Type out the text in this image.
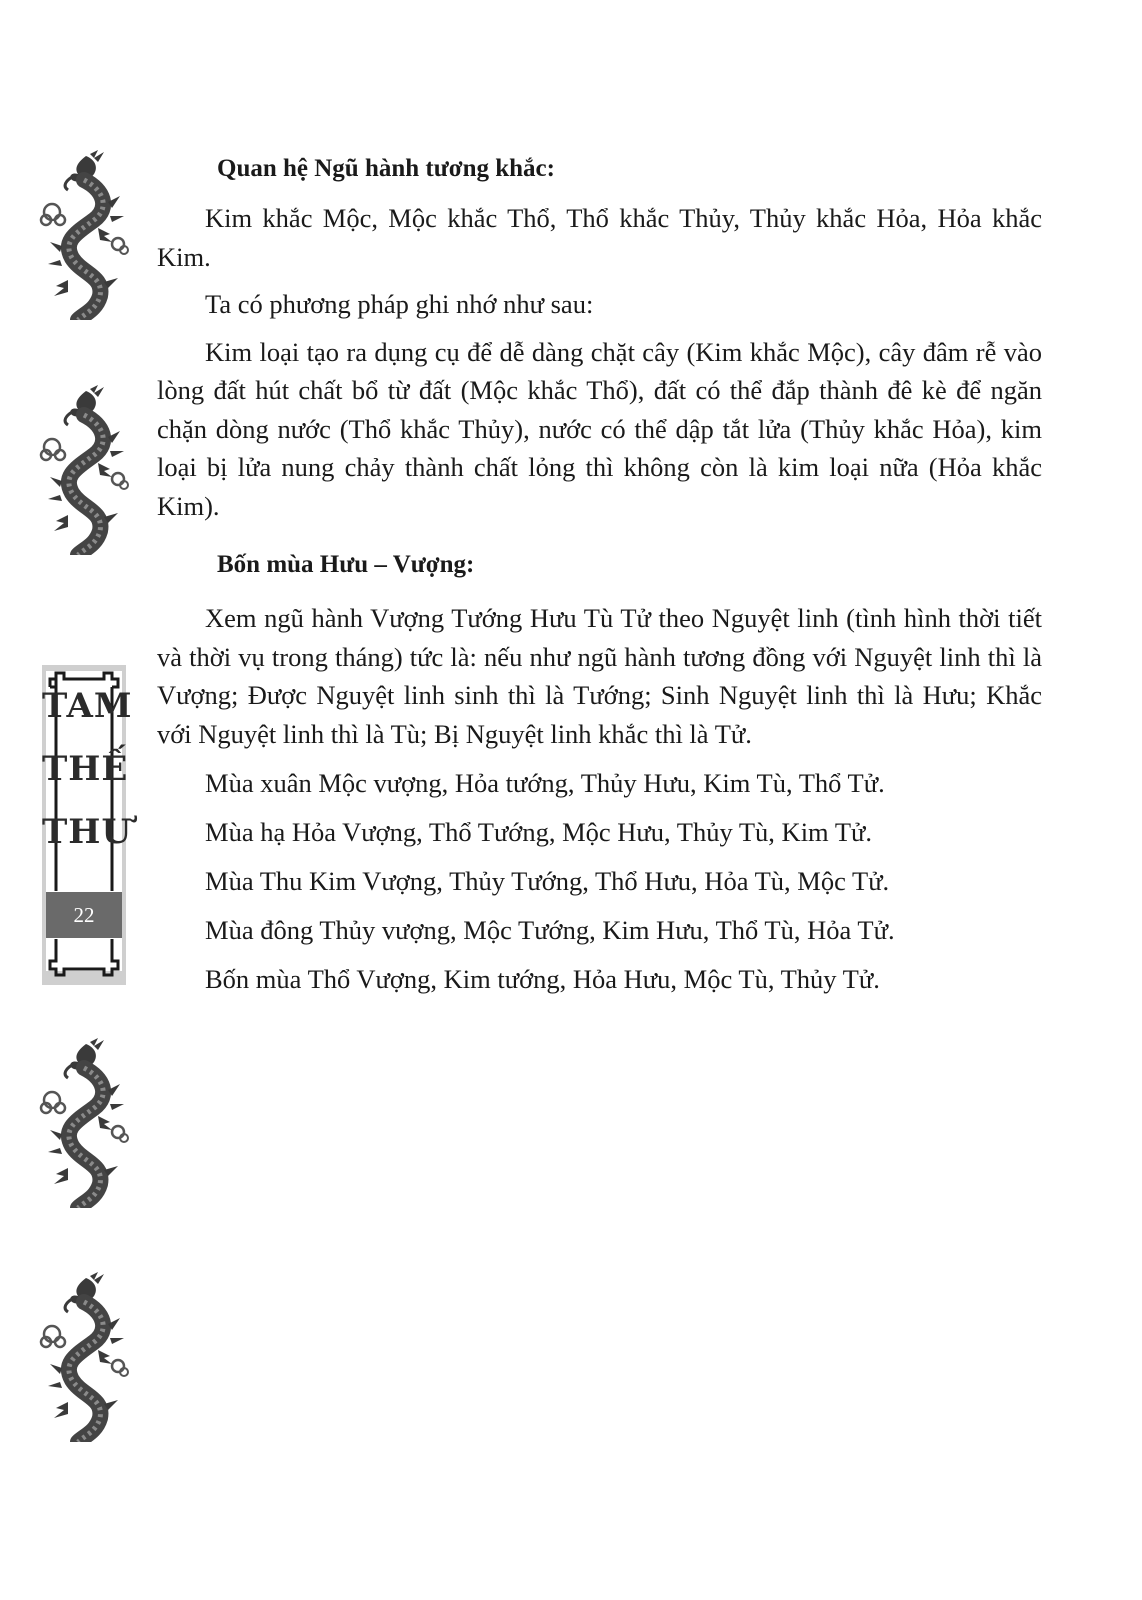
TAM
THẾ
THƯ
22
Quan hệ Ngũ hành tương khắc:

Kim khắc Mộc, Mộc khắc Thổ, Thổ khắc Thủy, Thủy khắc Hỏa, Hỏa khắc Kim.

Ta có phương pháp ghi nhớ như sau:

Kim loại tạo ra dụng cụ để dễ dàng chặt cây (Kim khắc Mộc), cây đâm rễ vào lòng đất hút chất bổ từ đất (Mộc khắc Thổ), đất có thể đắp thành đê kè để ngăn chặn dòng nước (Thổ khắc Thủy), nước có thể dập tắt lửa (Thủy khắc Hỏa), kim loại bị lửa nung chảy thành chất lỏng thì không còn là kim loại nữa (Hỏa khắc Kim).

Bốn mùa Hưu – Vượng:

Xem ngũ hành Vượng Tướng Hưu Tù Tử theo Nguyệt linh (tình hình thời tiết và thời vụ trong tháng) tức là: nếu như ngũ hành tương đồng với Nguyệt linh thì là Vượng; Được Nguyệt linh sinh thì là Tướng; Sinh Nguyệt linh thì là Hưu; Khắc với Nguyệt linh thì là Tù; Bị Nguyệt linh khắc thì là Tử.

Mùa xuân Mộc vượng, Hỏa tướng, Thủy Hưu, Kim Tù, Thổ Tử.

Mùa hạ Hỏa Vượng, Thổ Tướng, Mộc Hưu, Thủy Tù, Kim Tử.

Mùa Thu Kim Vượng, Thủy Tướng, Thổ Hưu, Hỏa Tù, Mộc Tử.

Mùa đông Thủy vượng, Mộc Tướng, Kim Hưu, Thổ Tù, Hỏa Tử.

Bốn mùa Thổ Vượng, Kim tướng, Hỏa Hưu, Mộc Tù, Thủy Tử.
